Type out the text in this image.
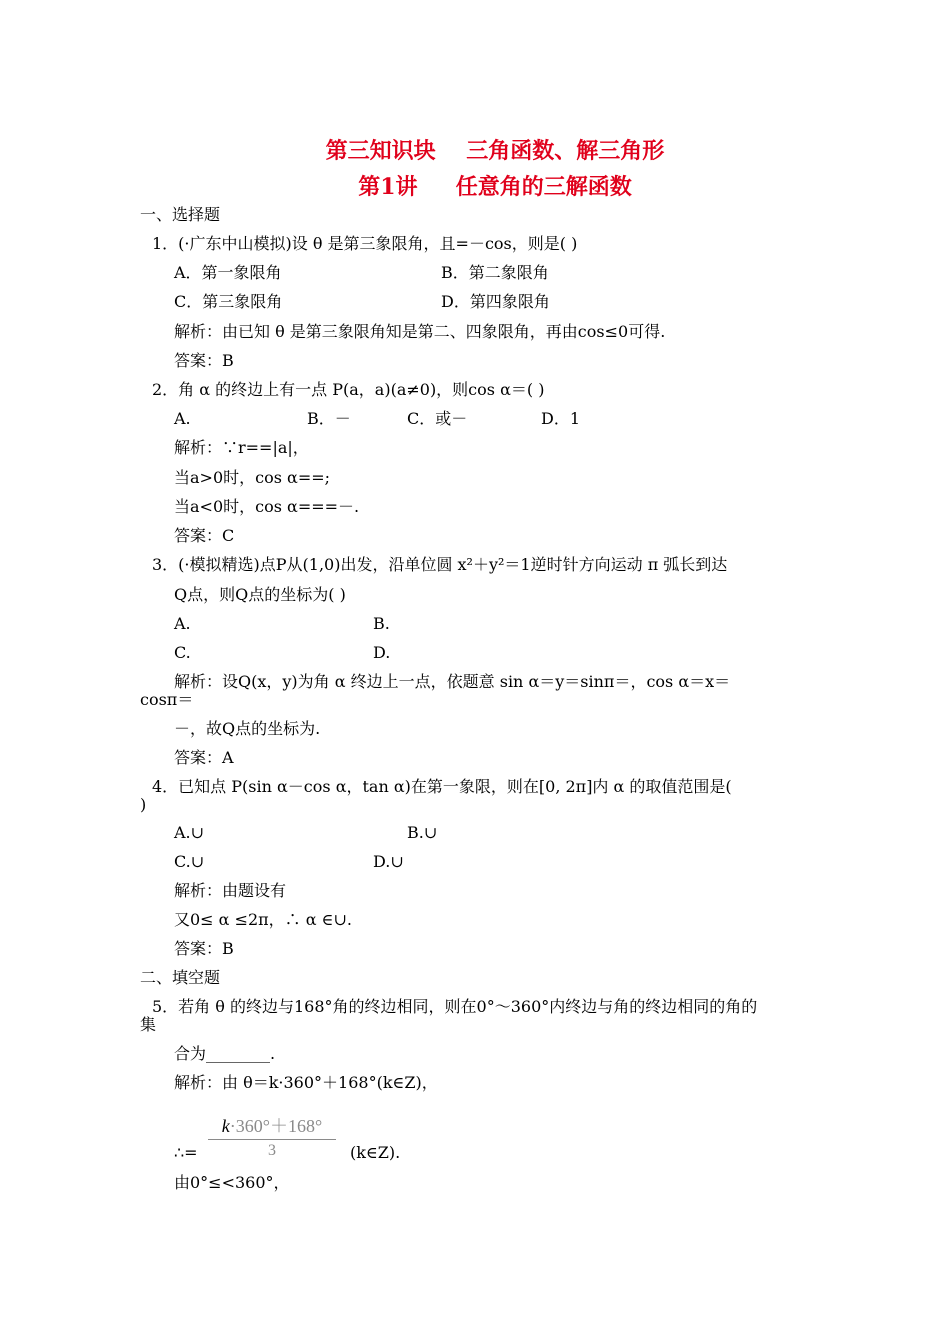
第三知识块    三角函数、解三角形
第1讲     任意角的三解函数
一、选择题
1．(·广东中山模拟)设 θ 是第三象限角，且=－cos，则是( )
A．第一象限角	B．第二象限角
C．第三象限角	D．第四象限角
解析：由已知 θ 是第三象限角知是第二、四象限角，再由cos≤0可得.
答案：B
2．角 α 的终边上有一点 P(a，a)(a≠0)，则cos α＝( )
A.	B．－	C．或－	D．1
解析：∵r==|a|，
当a>0时，cos α==;
当a<0时，cos α===－.
答案：C
3．(·模拟精选)点P从(1,0)出发，沿单位圆 x²＋y²＝1逆时针方向运动 π 弧长到达
Q点，则Q点的坐标为( )
A.	B.
C.	D.
解析：设Q(x，y)为角 α 终边上一点，依题意 sin α＝y＝sinπ＝，cos α＝x＝
cosπ＝
－，故Q点的坐标为.
答案：A
4．已知点 P(sin α－cos α，tan α)在第一象限，则在[0, 2π]内 α 的取值范围是(
)
A.∪	B.∪
C.∪	D.∪
解析：由题设有
又0≤ α ≤2π，∴ α ∈∪.
答案：B
二、填空题
5．若角 θ 的终边与168°角的终边相同，则在0°～360°内终边与角的终边相同的角的
集
合为________.
解析：由 θ＝k·360°＋168°(k∈Z)，
$\frac{k\cdot 360^\circ+168^\circ}{3}$
∴=	(k∈Z).
由0°≤<360°，
